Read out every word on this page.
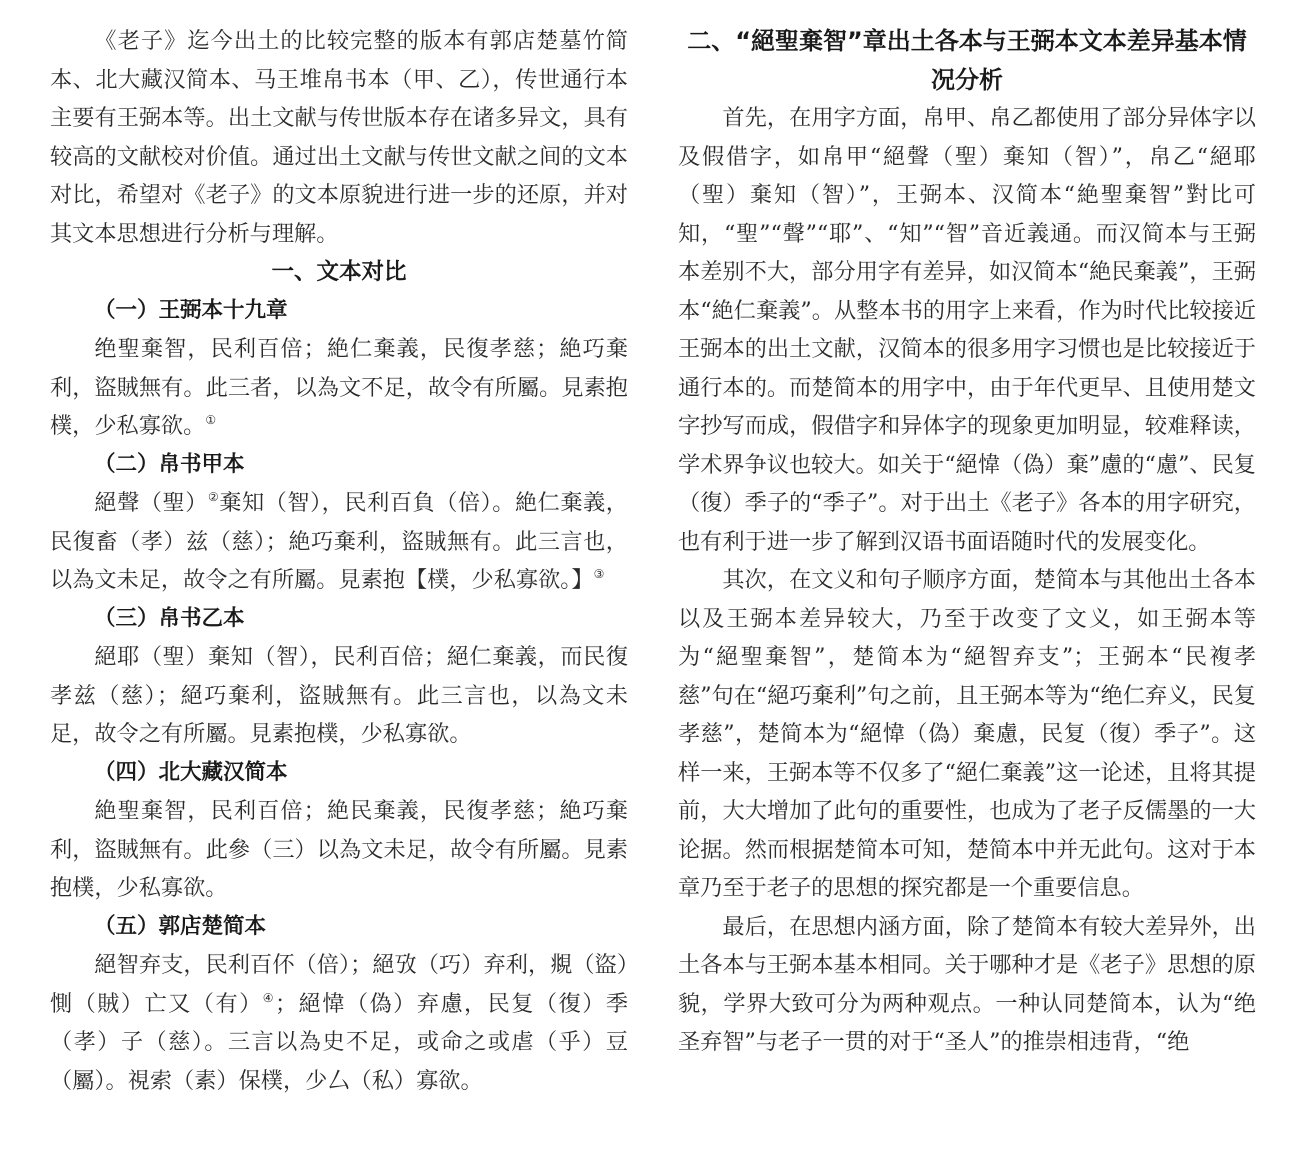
《老子》迄今出土的比较完整的版本有郭店楚墓竹简本、北大藏汉简本、马王堆帛书本（甲、乙），传世通行本主要有王弼本等。出土文献与传世版本存在诸多异文，具有较高的文献校对价值。通过出土文献与传世文献之间的文本对比，希望对《老子》的文本原貌进行进一步的还原，并对其文本思想进行分析与理解。

一、文本对比
（一）王弼本十九章

绝聖棄智，民利百倍；絶仁棄義，民復孝慈；絶巧棄利，盜賊無有。此三者，以為文不足，故令有所屬。見素抱樸，少私寡欲。①

（二）帛书甲本

絕聲（聖）②棄知（智），民利百負（倍）。絶仁棄義，民復畜（孝）兹（慈）；絶巧棄利，盜賊無有。此三言也，以為文未足，故令之有所屬。見素抱【樸，少私寡欲。】③

（三）帛书乙本

絕耶（聖）棄知（智），民利百倍；絕仁棄義，而民復孝兹（慈）；絕巧棄利，盜賊無有。此三言也，以為文未足，故令之有所屬。見素抱樸，少私寡欲。

（四）北大藏汉简本

絶聖棄智，民利百倍；絶民棄義，民復孝慈；絶巧棄利，盜賊無有。此參（三）以為文未足，故令有所屬。見素抱樸，少私寡欲。

（五）郭店楚简本

絕智弃支，民利百伓（倍）；絕攷（巧）弃利，覜（盜）惻（賊）亡又（有）④；絕愇（偽）弃慮，民复（復）季（孝）子（慈）。三言以為史不足，或命之或虐（乎）豆（屬）。視索（素）保樸，少厶（私）寡欲。

二、“絕聖棄智”章出土各本与王弼本文本差异基本情况分析

首先，在用字方面，帛甲、帛乙都使用了部分异体字以及假借字，如帛甲“絕聲（聖）棄知（智）”，帛乙“絕耶（聖）棄知（智）”，王弼本、汉简本“絶聖棄智”對比可知，“聖”“聲”“耶”、“知”“智”音近義通。而汉简本与王弼本差别不大，部分用字有差异，如汉简本“絶民棄義”，王弼本“絶仁棄義”。从整本书的用字上来看，作为时代比较接近王弼本的出土文献，汉简本的很多用字习惯也是比较接近于通行本的。而楚简本的用字中，由于年代更早、且使用楚文字抄写而成，假借字和异体字的现象更加明显，较难释读，学术界争议也较大。如关于“絕愇（偽）棄”慮的“慮”、民复（復）季子的“季子”。对于出土《老子》各本的用字研究，也有利于进一步了解到汉语书面语随时代的发展变化。

其次，在文义和句子顺序方面，楚简本与其他出土各本以及王弼本差异较大，乃至于改变了文义，如王弼本等为“絕聖棄智”，楚简本为“絕智弃支”；王弼本“民複孝慈”句在“絕巧棄利”句之前，且王弼本等为“绝仁弃义，民复孝慈”，楚简本为“絕愇（偽）棄慮，民复（復）季子”。这样一来，王弼本等不仅多了“絕仁棄義”这一论述，且将其提前，大大增加了此句的重要性，也成为了老子反儒墨的一大论据。然而根据楚简本可知，楚简本中并无此句。这对于本章乃至于老子的思想的探究都是一个重要信息。

最后，在思想内涵方面，除了楚简本有较大差异外，出土各本与王弼本基本相同。关于哪种才是《老子》思想的原貌，学界大致可分为两种观点。一种认同楚简本，认为“绝圣弃智”与老子一贯的对于“圣人”的推崇相违背，“绝
